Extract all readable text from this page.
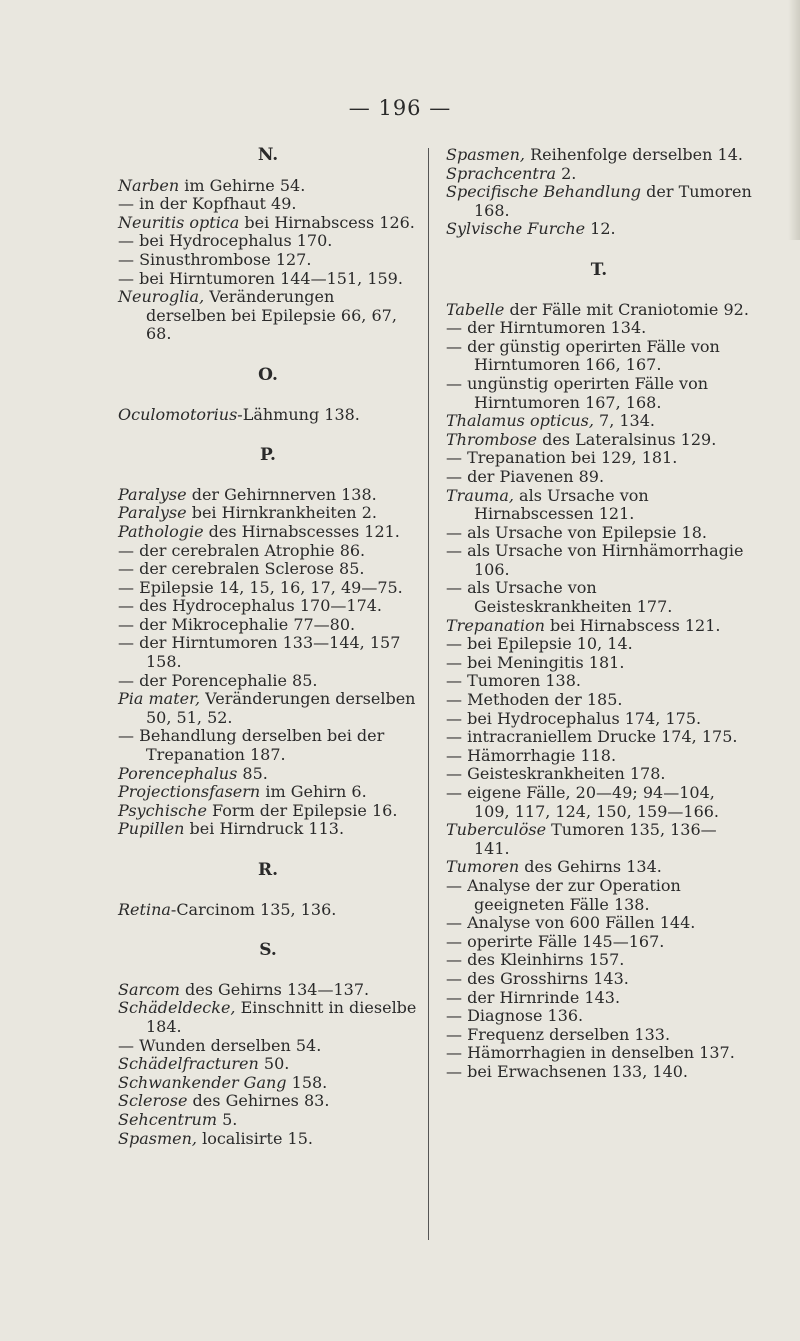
— 196 —
N.
Narben im Gehirne 54.
— in der Kopfhaut 49.
Neuritis optica bei Hirnabscess 126.
— bei Hydrocephalus 170.
— Sinusthrombose 127.
— bei Hirntumoren 144—151, 159.
Neuroglia, Veränderungen derselben bei Epilepsie 66, 67, 68.
O.
Oculomotorius-Lähmung 138.
P.
Paralyse der Gehirnnerven 138.
Paralyse bei Hirnkrankheiten 2.
Pathologie des Hirnabscesses 121.
— der cerebralen Atrophie 86.
— der cerebralen Sclerose 85.
— Epilepsie 14, 15, 16, 17, 49—75.
— des Hydrocephalus 170—174.
— der Mikrocephalie 77—80.
— der Hirntumoren 133—144, 157 158.
— der Porencephalie 85.
Pia mater, Veränderungen derselben 50, 51, 52.
— Behandlung derselben bei der Trepanation 187.
Porencephalus 85.
Projectionsfasern im Gehirn 6.
Psychische Form der Epilepsie 16.
Pupillen bei Hirndruck 113.
R.
Retina-Carcinom 135, 136.
S.
Sarcom des Gehirns 134—137.
Schädeldecke, Einschnitt in dieselbe 184.
— Wunden derselben 54.
Schädelfracturen 50.
Schwankender Gang 158.
Sclerose des Gehirnes 83.
Sehcentrum 5.
Spasmen, localisirte 15.
Spasmen, Reihenfolge derselben 14.
Sprachcentra 2.
Specifische Behandlung der Tumoren 168.
Sylvische Furche 12.
T.
Tabelle der Fälle mit Craniotomie 92.
— der Hirntumoren 134.
— der günstig operirten Fälle von Hirntumoren 166, 167.
— ungünstig operirten Fälle von Hirntumoren 167, 168.
Thalamus opticus, 7, 134.
Thrombose des Lateralsinus 129.
— Trepanation bei 129, 181.
— der Piavenen 89.
Trauma, als Ursache von Hirnabscessen 121.
— als Ursache von Epilepsie 18.
— als Ursache von Hirnhämorrhagie 106.
— als Ursache von Geisteskrankheiten 177.
Trepanation bei Hirnabscess 121.
— bei Epilepsie 10, 14.
— bei Meningitis 181.
— Tumoren 138.
— Methoden der 185.
— bei Hydrocephalus 174, 175.
— intracraniellem Drucke 174, 175.
— Hämorrhagie 118.
— Geisteskrankheiten 178.
— eigene Fälle, 20—49; 94—104, 109, 117, 124, 150, 159—166.
Tuberculöse Tumoren 135, 136—141.
Tumoren des Gehirns 134.
— Analyse der zur Operation geeigneten Fälle 138.
— Analyse von 600 Fällen 144.
— operirte Fälle 145—167.
— des Kleinhirns 157.
— des Grosshirns 143.
— der Hirnrinde 143.
— Diagnose 136.
— Frequenz derselben 133.
— Hämorrhagien in denselben 137.
— bei Erwachsenen 133, 140.
